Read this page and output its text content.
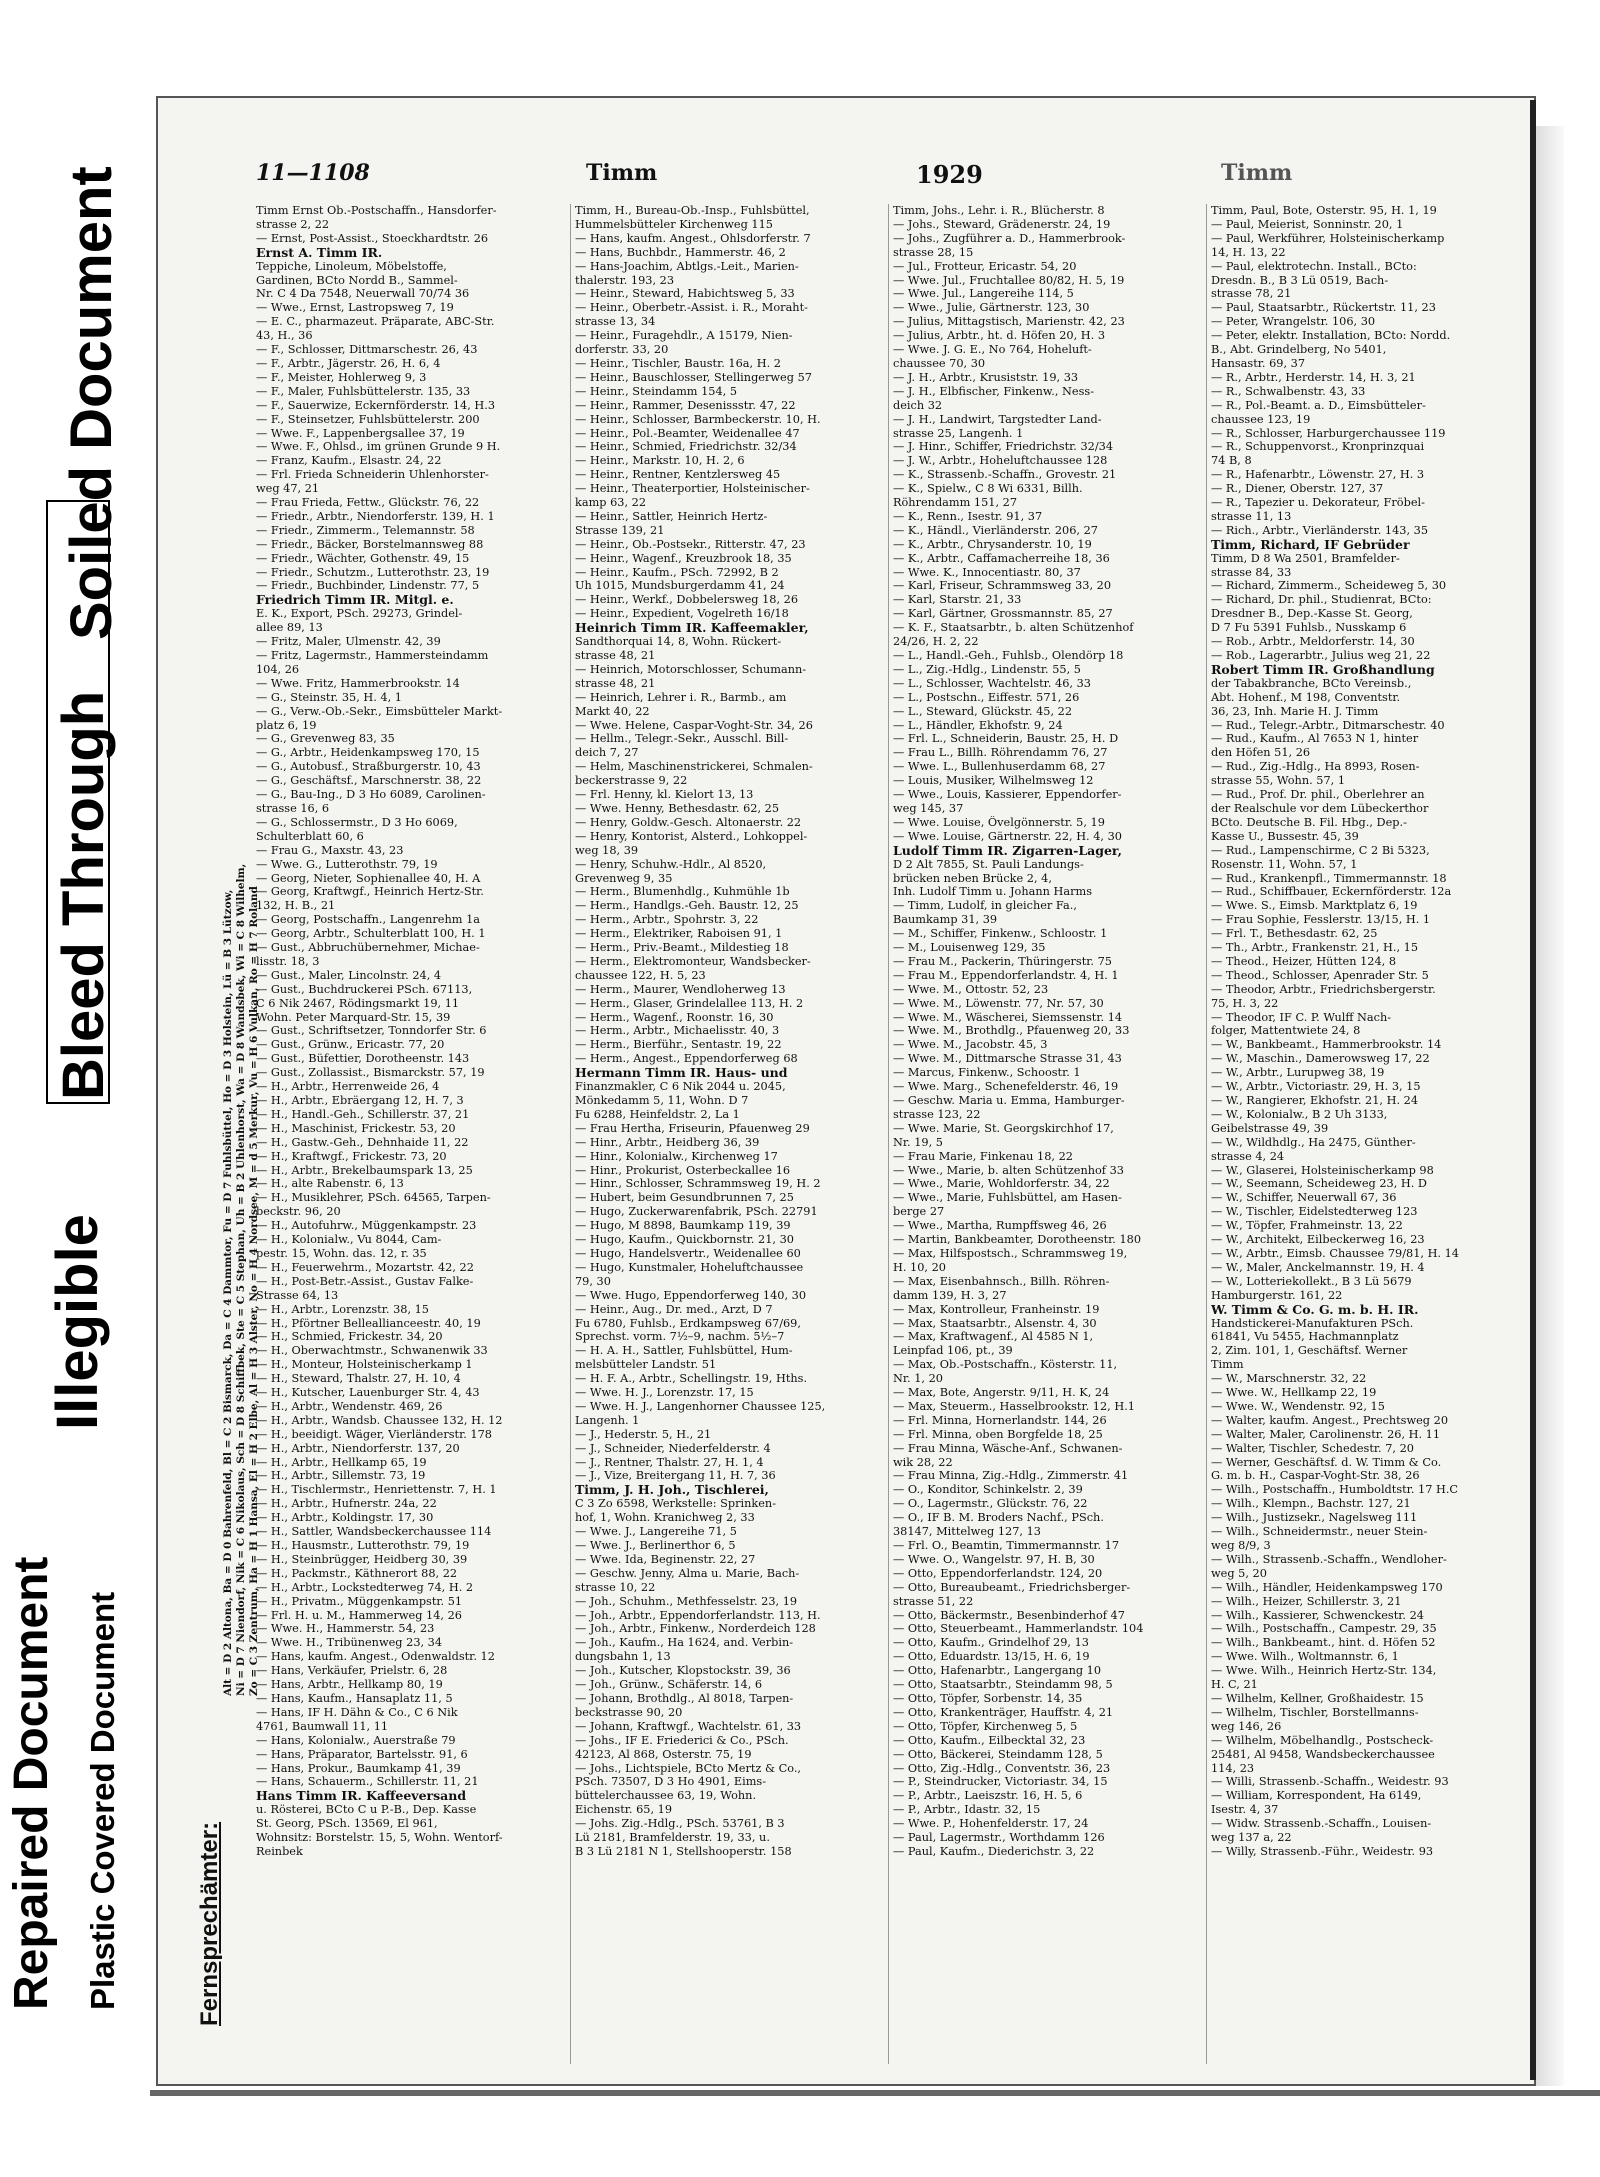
Repaired Document Plastic Covered Document
Illegible
Bleed Through
Soiled Document	11—1108	Timm	1929	Timm
Fernsprechämter:
Alt = D 2 Altona, Ba = D 0 Bahrenfeld, Bl = C 2 Bismarck, Da = C 4 Dammtor, Fu = D 7 Fuhlsbüttel, Ho = D 3 Holstein, Lü = B 3 Lützow, Ni = D 7 Niendorf, Nik = C 6 Nikolaus, Sch = D 8 Schiffbek, Ste = C 5 Stephan, Uh = B 2 Uhlenhorst, Wa = D 8 Wandsbek, Wi = C 8 Wilhelm, Zo = C 3 Zentrum, Ha = H 1 Hansa, El = H 2 Elbe, Al = H 3 Alster, No = H 4 Nordsee, M = d 5 Merkur, Vu = H 6 Vulkan, Ro = H 7 Roland
Timm Ernst Ob.-Postschaffn., Hansdorfer-
strasse 2, 22
— Ernst, Post-Assist., Stoeckhardtstr. 26
Ernst A. Timm IR.
Teppiche, Linoleum, Möbelstoffe,
Gardinen, BCto Nordd B., Sammel-
Nr. C 4 Da 7548, Neuerwall 70/74 36
— Wwe., Ernst, Lastropsweg 7, 19
— E. C., pharmazeut. Präparate, ABC-Str.
43, H., 36
— F., Schlosser, Dittmarschestr. 26, 43
— F., Arbtr., Jägerstr. 26, H. 6, 4
— F., Meister, Hohlerweg 9, 3
— F., Maler, Fuhlsbüttelerstr. 135, 33
— F., Sauerwize, Eckernförderstr. 14, H.3
— F., Steinsetzer, Fuhlsbüttelerstr. 200
— Wwe. F., Lappenbergsallee 37, 19
— Wwe. F., Ohlsd., im grünen Grunde 9 H.
— Franz, Kaufm., Elsastr. 24, 22
— Frl. Frieda Schneiderin Uhlenhorster-
weg 47, 21
— Frau Frieda, Fettw., Glückstr. 76, 22
— Friedr., Arbtr., Niendorferstr. 139, H. 1
— Friedr., Zimmerm., Telemannstr. 58
— Friedr., Bäcker, Borstelmannsweg 88
— Friedr., Wächter, Gothenstr. 49, 15
— Friedr., Schutzm., Lutterothstr. 23, 19
— Friedr., Buchbinder, Lindenstr. 77, 5
Friedrich Timm IR. Mitgl. e.
E. K., Export, PSch. 29273, Grindel-
allee 89, 13
— Fritz, Maler, Ulmenstr. 42, 39
— Fritz, Lagermstr., Hammersteindamm
104, 26
— Wwe. Fritz, Hammerbrookstr. 14
— G., Steinstr. 35, H. 4, 1
— G., Verw.-Ob.-Sekr., Eimsbütteler Markt-
platz 6, 19
— G., Grevenweg 83, 35
— G., Arbtr., Heidenkampsweg 170, 15
— G., Autobusf., Straßburgerstr. 10, 43
— G., Geschäftsf., Marschnerstr. 38, 22
— G., Bau-Ing., D 3 Ho 6089, Carolinen-
strasse 16, 6
— G., Schlossermstr., D 3 Ho 6069,
Schulterblatt 60, 6
— Frau G., Maxstr. 43, 23
— Wwe. G., Lutterothstr. 79, 19
— Georg, Nieter, Sophienallee 40, H. A
— Georg, Kraftwgf., Heinrich Hertz-Str.
132, H. B., 21
— Georg, Postschaffn., Langenrehm 1a
— Georg, Arbtr., Schulterblatt 100, H. 1
— Gust., Abbruchübernehmer, Michae-
lisstr. 18, 3
— Gust., Maler, Lincolnstr. 24, 4
— Gust., Buchdruckerei PSch. 67113,
C 6 Nik 2467, Rödingsmarkt 19, 11
Wohn. Peter Marquard-Str. 15, 39
— Gust., Schriftsetzer, Tonndorfer Str. 6
— Gust., Grünw., Ericastr. 77, 20
— Gust., Büfettier, Dorotheenstr. 143
— Gust., Zollassist., Bismarckstr. 57, 19
— H., Arbtr., Herrenweide 26, 4
— H., Arbtr., Ebräergang 12, H. 7, 3
— H., Handl.-Geh., Schillerstr. 37, 21
— H., Maschinist, Frickestr. 53, 20
— H., Gastw.-Geh., Dehnhaide 11, 22
— H., Kraftwgf., Frickestr. 73, 20
— H., Arbtr., Brekelbaumspark 13, 25
— H., alte Rabenstr. 6, 13
— H., Musiklehrer, PSch. 64565, Tarpen-
beckstr. 96, 20
— H., Autofuhrw., Müggenkampstr. 23
— H., Kolonialw., Vu 8044, Cam-
pestr. 15, Wohn. das. 12, r. 35
— H., Feuerwehrm., Mozartstr. 42, 22
— H., Post-Betr.-Assist., Gustav Falke-
Strasse 64, 13
— H., Arbtr., Lorenzstr. 38, 15
— H., Pförtner Belleallianceestr. 40, 19
— H., Schmied, Frickestr. 34, 20
— H., Oberwachtmstr., Schwanenwik 33
— H., Monteur, Holsteinischerkamp 1
— H., Steward, Thalstr. 27, H. 10, 4
— H., Kutscher, Lauenburger Str. 4, 43
— H., Arbtr., Wendenstr. 469, 26
— H., Arbtr., Wandsb. Chaussee 132, H. 12
— H., beeidigt. Wäger, Vierländerstr. 178
— H., Arbtr., Niendorferstr. 137, 20
— H., Arbtr., Hellkamp 65, 19
— H., Arbtr., Sillemstr. 73, 19
— H., Tischlermstr., Henriettenstr. 7, H. 1
— H., Arbtr., Hufnerstr. 24a, 22
— H., Arbtr., Koldingstr. 17, 30
— H., Sattler, Wandsbeckerchaussee 114
— H., Hausmstr., Lutterothstr. 79, 19
— H., Steinbrügger, Heidberg 30, 39
— H., Packmstr., Käthnerort 88, 22
— H., Arbtr., Lockstedterweg 74, H. 2
— H., Privatm., Müggenkampstr. 51
— Frl. H. u. M., Hammerweg 14, 26
— Wwe. H., Hammerstr. 54, 23
— Wwe. H., Tribünenweg 23, 34
— Hans, kaufm. Angest., Odenwaldstr. 12
— Hans, Verkäufer, Prielstr. 6, 28
— Hans, Arbtr., Hellkamp 80, 19
— Hans, Kaufm., Hansaplatz 11, 5
— Hans, IF H. Dähn & Co., C 6 Nik
4761, Baumwall 11, 11
— Hans, Kolonialw., Auerstraße 79
— Hans, Präparator, Bartelsstr. 91, 6
— Hans, Prokur., Baumkamp 41, 39
— Hans, Schauerm., Schillerstr. 11, 21
Hans Timm IR. Kaffeeversand
u. Rösterei, BCto C u P.-B., Dep. Kasse
St. Georg, PSch. 13569, El 961,
Wohnsitz: Borstelstr. 15, 5, Wohn. Wentorf-
Reinbek
Timm, H., Bureau-Ob.-Insp., Fuhlsbüttel,
Hummelsbütteler Kirchenweg 115
— Hans, kaufm. Angest., Ohlsdorferstr. 7
— Hans, Buchbdr., Hammerstr. 46, 2
— Hans-Joachim, Abtlgs.-Leit., Marien-
thalerstr. 193, 23
— Heinr., Steward, Habichtsweg 5, 33
— Heinr., Oberbetr.-Assist. i. R., Moraht-
strasse 13, 34
— Heinr., Furagehdlr., A 15179, Nien-
dorferstr. 33, 20
— Heinr., Tischler, Baustr. 16a, H. 2
— Heinr., Bauschlosser, Stellingerweg 57
— Heinr., Steindamm 154, 5
— Heinr., Rammer, Desenissstr. 47, 22
— Heinr., Schlosser, Barmbeckerstr. 10, H.
— Heinr., Pol.-Beamter, Weidenallee 47
— Heinr., Schmied, Friedrichstr. 32/34
— Heinr., Markstr. 10, H. 2, 6
— Heinr., Rentner, Kentzlersweg 45
— Heinr., Theaterportier, Holsteinischer-
kamp 63, 22
— Heinr., Sattler, Heinrich Hertz-
Strasse 139, 21
— Heinr., Ob.-Postsekr., Ritterstr. 47, 23
— Heinr., Wagenf., Kreuzbrook 18, 35
— Heinr., Kaufm., PSch. 72992, B 2
Uh 1015, Mundsburgerdamm 41, 24
— Heinr., Werkf., Dobbelersweg 18, 26
— Heinr., Expedient, Vogelreth 16/18
Heinrich Timm IR. Kaffeemakler,
Sandthorquai 14, 8, Wohn. Rückert-
strasse 48, 21
— Heinrich, Motorschlosser, Schumann-
strasse 48, 21
— Heinrich, Lehrer i. R., Barmb., am
Markt 40, 22
— Wwe. Helene, Caspar-Voght-Str. 34, 26
— Hellm., Telegr.-Sekr., Ausschl. Bill-
deich 7, 27
— Helm, Maschinenstrickerei, Schmalen-
beckerstrasse 9, 22
— Frl. Henny, kl. Kielort 13, 13
— Wwe. Henny, Bethesdastr. 62, 25
— Henry, Goldw.-Gesch. Altonaerstr. 22
— Henry, Kontorist, Alsterd., Lohkoppel-
weg 18, 39
— Henry, Schuhw.-Hdlr., Al 8520,
Grevenweg 9, 35
— Herm., Blumenhdlg., Kuhmühle 1b
— Herm., Handlgs.-Geh. Baustr. 12, 25
— Herm., Arbtr., Spohrstr. 3, 22
— Herm., Elektriker, Raboisen 91, 1
— Herm., Priv.-Beamt., Mildestieg 18
— Herm., Elektromonteur, Wandsbecker-
chaussee 122, H. 5, 23
— Herm., Maurer, Wendloherweg 13
— Herm., Glaser, Grindelallee 113, H. 2
— Herm., Wagenf., Roonstr. 16, 30
— Herm., Arbtr., Michaelisstr. 40, 3
— Herm., Bierführ., Sentastr. 19, 22
— Herm., Angest., Eppendorferweg 68
Hermann Timm IR. Haus- und
Finanzmakler, C 6 Nik 2044 u. 2045,
Mönkedamm 5, 11, Wohn. D 7
Fu 6288, Heinfeldstr. 2, La 1
— Frau Hertha, Friseurin, Pfauenweg 29
— Hinr., Arbtr., Heidberg 36, 39
— Hinr., Kolonialw., Kirchenweg 17
— Hinr., Prokurist, Osterbeckallee 16
— Hinr., Schlosser, Schrammsweg 19, H. 2
— Hubert, beim Gesundbrunnen 7, 25
— Hugo, Zuckerwarenfabrik, PSch. 22791
— Hugo, M 8898, Baumkamp 119, 39
— Hugo, Kaufm., Quickbornstr. 21, 30
— Hugo, Handelsvertr., Weidenallee 60
— Hugo, Kunstmaler, Hoheluftchaussee
79, 30
— Wwe. Hugo, Eppendorferweg 140, 30
— Heinr., Aug., Dr. med., Arzt, D 7
Fu 6780, Fuhlsb., Erdkampsweg 67/69,
Sprechst. vorm. 7½–9, nachm. 5½–7
— H. A. H., Sattler, Fuhlsbüttel, Hum-
melsbütteler Landstr. 51
— H. F. A., Arbtr., Schellingstr. 19, Hths.
— Wwe. H. J., Lorenzstr. 17, 15
— Wwe. H. J., Langenhorner Chaussee 125,
Langenh. 1
— J., Hederstr. 5, H., 21
— J., Schneider, Niederfelderstr. 4
— J., Rentner, Thalstr. 27, H. 1, 4
— J., Vize, Breitergang 11, H. 7, 36
Timm, J. H. Joh., Tischlerei,
C 3 Zo 6598, Werkstelle: Sprinken-
hof, 1, Wohn. Kranichweg 2, 33
— Wwe. J., Langereihe 71, 5
— Wwe. J., Berlinerthor 6, 5
— Wwe. Ida, Beginenstr. 22, 27
— Geschw. Jenny, Alma u. Marie, Bach-
strasse 10, 22
— Joh., Schuhm., Methfesselstr. 23, 19
— Joh., Arbtr., Eppendorferlandstr. 113, H.
— Joh., Arbtr., Finkenw., Norderdeich 128
— Joh., Kaufm., Ha 1624, and. Verbin-
dungsbahn 1, 13
— Joh., Kutscher, Klopstockstr. 39, 36
— Joh., Grünw., Schäferstr. 14, 6
— Johann, Brothdlg., Al 8018, Tarpen-
beckstrasse 90, 20
— Johann, Kraftwgf., Wachtelstr. 61, 33
— Johs., IF E. Friederici & Co., PSch.
42123, Al 868, Osterstr. 75, 19
— Johs., Lichtspiele, BCto Mertz & Co.,
PSch. 73507, D 3 Ho 4901, Eims-
büttelerchaussee 63, 19, Wohn.
Eichenstr. 65, 19
— Johs. Zig.-Hdlg., PSch. 53761, B 3
Lü 2181, Bramfelderstr. 19, 33, u.
B 3 Lü 2181 N 1, Stellshooperstr. 158
Timm, Johs., Lehr. i. R., Blücherstr. 8
— Johs., Steward, Grädenerstr. 24, 19
— Johs., Zugführer a. D., Hammerbrook-
strasse 28, 15
— Jul., Frotteur, Ericastr. 54, 20
— Wwe. Jul., Fruchtallee 80/82, H. 5, 19
— Wwe. Jul., Langereihe 114, 5
— Wwe., Julie, Gärtnerstr. 123, 30
— Julius, Mittagstisch, Marienstr. 42, 23
— Julius, Arbtr., ht. d. Höfen 20, H. 3
— Wwe. J. G. E., No 764, Hoheluft-
chaussee 70, 30
— J. H., Arbtr., Krusiststr. 19, 33
— J. H., Elbfischer, Finkenw., Ness-
deich 32
— J. H., Landwirt, Targstedter Land-
strasse 25, Langenh. 1
— J. Hinr., Schiffer, Friedrichstr. 32/34
— J. W., Arbtr., Hoheluftchaussee 128
— K., Strassenb.-Schaffn., Grovestr. 21
— K., Spielw., C 8 Wi 6331, Billh.
Röhrendamm 151, 27
— K., Renn., Isestr. 91, 37
— K., Händl., Vierländerstr. 206, 27
— K., Arbtr., Chrysanderstr. 10, 19
— K., Arbtr., Caffamacherreihe 18, 36
— Wwe. K., Innocentiastr. 80, 37
— Karl, Friseur, Schrammsweg 33, 20
— Karl, Starstr. 21, 33
— Karl, Gärtner, Grossmannstr. 85, 27
— K. F., Staatsarbtr., b. alten Schützenhof
24/26, H. 2, 22
— L., Handl.-Geh., Fuhlsb., Olendörp 18
— L., Zig.-Hdlg., Lindenstr. 55, 5
— L., Schlosser, Wachtelstr. 46, 33
— L., Postschn., Eiffestr. 571, 26
— L., Steward, Glückstr. 45, 22
— L., Händler, Ekhofstr. 9, 24
— Frl. L., Schneiderin, Baustr. 25, H. D
— Frau L., Billh. Röhrendamm 76, 27
— Wwe. L., Bullenhuserdamm 68, 27
— Louis, Musiker, Wilhelmsweg 12
— Wwe., Louis, Kassierer, Eppendorfer-
weg 145, 37
— Wwe. Louise, Övelgönnerstr. 5, 19
— Wwe. Louise, Gärtnerstr. 22, H. 4, 30
Ludolf Timm IR. Zigarren-Lager,
D 2 Alt 7855, St. Pauli Landungs-
brücken neben Brücke 2, 4,
Inh. Ludolf Timm u. Johann Harms
— Timm, Ludolf, in gleicher Fa.,
Baumkamp 31, 39
— M., Schiffer, Finkenw., Schloostr. 1
— M., Louisenweg 129, 35
— Frau M., Packerin, Thüringerstr. 75
— Frau M., Eppendorferlandstr. 4, H. 1
— Wwe. M., Ottostr. 52, 23
— Wwe. M., Löwenstr. 77, Nr. 57, 30
— Wwe. M., Wäscherei, Siemssenstr. 14
— Wwe. M., Brothdlg., Pfauenweg 20, 33
— Wwe. M., Jacobstr. 45, 3
— Wwe. M., Dittmarsche Strasse 31, 43
— Marcus, Finkenw., Schoostr. 1
— Wwe. Marg., Schenefelderstr. 46, 19
— Geschw. Maria u. Emma, Hamburger-
strasse 123, 22
— Wwe. Marie, St. Georgskirchhof 17,
Nr. 19, 5
— Frau Marie, Finkenau 18, 22
— Wwe., Marie, b. alten Schützenhof 33
— Wwe., Marie, Wohldorferstr. 34, 22
— Wwe., Marie, Fuhlsbüttel, am Hasen-
berge 27
— Wwe., Martha, Rumpffsweg 46, 26
— Martin, Bankbeamter, Dorotheenstr. 180
— Max, Hilfspostsch., Schrammsweg 19,
H. 10, 20
— Max, Eisenbahnsch., Billh. Röhren-
damm 139, H. 3, 27
— Max, Kontrolleur, Franheinstr. 19
— Max, Staatsarbtr., Alsenstr. 4, 30
— Max, Kraftwagenf., Al 4585 N 1,
Leinpfad 106, pt., 39
— Max, Ob.-Postschaffn., Kösterstr. 11,
Nr. 1, 20
— Max, Bote, Angerstr. 9/11, H. K, 24
— Max, Steuerm., Hasselbrookstr. 12, H.1
— Frl. Minna, Hornerlandstr. 144, 26
— Frl. Minna, oben Borgfelde 18, 25
— Frau Minna, Wäsche-Anf., Schwanen-
wik 28, 22
— Frau Minna, Zig.-Hdlg., Zimmerstr. 41
— O., Konditor, Schinkelstr. 2, 39
— O., Lagermstr., Glückstr. 76, 22
— O., IF B. M. Broders Nachf., PSch.
38147, Mittelweg 127, 13
— Frl. O., Beamtin, Timmermannstr. 17
— Wwe. O., Wangelstr. 97, H. B, 30
— Otto, Eppendorferlandstr. 124, 20
— Otto, Bureaubeamt., Friedrichsberger-
strasse 51, 22
— Otto, Bäckermstr., Besenbinderhof 47
— Otto, Steuerbeamt., Hammerlandstr. 104
— Otto, Kaufm., Grindelhof 29, 13
— Otto, Eduardstr. 13/15, H. 6, 19
— Otto, Hafenarbtr., Langergang 10
— Otto, Staatsarbtr., Steindamm 98, 5
— Otto, Töpfer, Sorbenstr. 14, 35
— Otto, Krankenträger, Hauffstr. 4, 21
— Otto, Töpfer, Kirchenweg 5, 5
— Otto, Kaufm., Eilbecktal 32, 23
— Otto, Bäckerei, Steindamm 128, 5
— Otto, Zig.-Hdlg., Conventstr. 36, 23
— P., Steindrucker, Victoriastr. 34, 15
— P., Arbtr., Laeiszstr. 16, H. 5, 6
— P., Arbtr., Idastr. 32, 15
— Wwe. P., Hohenfelderstr. 17, 24
— Paul, Lagermstr., Worthdamm 126
— Paul, Kaufm., Diederichstr. 3, 22
Timm, Paul, Bote, Osterstr. 95, H. 1, 19
— Paul, Meierist, Sonninstr. 20, 1
— Paul, Werkführer, Holsteinischerkamp
14, H. 13, 22
— Paul, elektrotechn. Install., BCto:
Dresdn. B., B 3 Lü 0519, Bach-
strasse 78, 21
— Paul, Staatsarbtr., Rückertstr. 11, 23
— Peter, Wrangelstr. 106, 30
— Peter, elektr. Installation, BCto: Nordd.
B., Abt. Grindelberg, No 5401,
Hansastr. 69, 37
— R., Arbtr., Herderstr. 14, H. 3, 21
— R., Schwalbenstr. 43, 33
— R., Pol.-Beamt. a. D., Eimsbütteler-
chaussee 123, 19
— R., Schlosser, Harburgerchaussee 119
— R., Schuppenvorst., Kronprinzquai
74 B, 8
— R., Hafenarbtr., Löwenstr. 27, H. 3
— R., Diener, Oberstr. 127, 37
— R., Tapezier u. Dekorateur, Fröbel-
strasse 11, 13
— Rich., Arbtr., Vierländerstr. 143, 35
Timm, Richard, IF Gebrüder
Timm, D 8 Wa 2501, Bramfelder-
strasse 84, 33
— Richard, Zimmerm., Scheideweg 5, 30
— Richard, Dr. phil., Studienrat, BCto:
Dresdner B., Dep.-Kasse St. Georg,
D 7 Fu 5391 Fuhlsb., Nusskamp 6
— Rob., Arbtr., Meldorferstr. 14, 30
— Rob., Lagerarbtr., Julius weg 21, 22
Robert Timm IR. Großhandlung
der Tabakbranche, BCto Vereinsb.,
Abt. Hohenf., M 198, Conventstr.
36, 23, Inh. Marie H. J. Timm
— Rud., Telegr.-Arbtr., Ditmarschestr. 40
— Rud., Kaufm., Al 7653 N 1, hinter
den Höfen 51, 26
— Rud., Zig.-Hdlg., Ha 8993, Rosen-
strasse 55, Wohn. 57, 1
— Rud., Prof. Dr. phil., Oberlehrer an
der Realschule vor dem Lübeckerthor
BCto. Deutsche B. Fil. Hbg., Dep.-
Kasse U., Bussestr. 45, 39
— Rud., Lampenschirme, C 2 Bi 5323,
Rosenstr. 11, Wohn. 57, 1
— Rud., Krankenpfl., Timmermannstr. 18
— Rud., Schiffbauer, Eckernförderstr. 12a
— Wwe. S., Eimsb. Marktplatz 6, 19
— Frau Sophie, Fesslerstr. 13/15, H. 1
— Frl. T., Bethesdastr. 62, 25
— Th., Arbtr., Frankenstr. 21, H., 15
— Theod., Heizer, Hütten 124, 8
— Theod., Schlosser, Apenrader Str. 5
— Theodor, Arbtr., Friedrichsbergerstr.
75, H. 3, 22
— Theodor, IF C. P. Wulff Nach-
folger, Mattentwiete 24, 8
— W., Bankbeamt., Hammerbrookstr. 14
— W., Maschin., Damerowsweg 17, 22
— W., Arbtr., Lurupweg 38, 19
— W., Arbtr., Victoriastr. 29, H. 3, 15
— W., Rangierer, Ekhofstr. 21, H. 24
— W., Kolonialw., B 2 Uh 3133,
Geibelstrasse 49, 39
— W., Wildhdlg., Ha 2475, Günther-
strasse 4, 24
— W., Glaserei, Holsteinischerkamp 98
— W., Seemann, Scheideweg 23, H. D
— W., Schiffer, Neuerwall 67, 36
— W., Tischler, Eidelstedterweg 123
— W., Töpfer, Frahmeinstr. 13, 22
— W., Architekt, Eilbeckerweg 16, 23
— W., Arbtr., Eimsb. Chaussee 79/81, H. 14
— W., Maler, Anckelmannstr. 19, H. 4
— W., Lotteriekollekt., B 3 Lü 5679
Hamburgerstr. 161, 22
W. Timm & Co. G. m. b. H. IR.
Handstickerei-Manufakturen PSch.
61841, Vu 5455, Hachmannplatz
2, Zim. 101, 1, Geschäftsf. Werner
Timm
— W., Marschnerstr. 32, 22
— Wwe. W., Hellkamp 22, 19
— Wwe. W., Wendenstr. 92, 15
— Walter, kaufm. Angest., Prechtsweg 20
— Walter, Maler, Carolinenstr. 26, H. 11
— Walter, Tischler, Schedestr. 7, 20
— Werner, Geschäftsf. d. W. Timm & Co.
G. m. b. H., Caspar-Voght-Str. 38, 26
— Wilh., Postschaffn., Humboldtstr. 17 H.C
— Wilh., Klempn., Bachstr. 127, 21
— Wilh., Justizsekr., Nagelsweg 111
— Wilh., Schneidermstr., neuer Stein-
weg 8/9, 3
— Wilh., Strassenb.-Schaffn., Wendloher-
weg 5, 20
— Wilh., Händler, Heidenkampsweg 170
— Wilh., Heizer, Schillerstr. 3, 21
— Wilh., Kassierer, Schwenckestr. 24
— Wilh., Postschaffn., Campestr. 29, 35
— Wilh., Bankbeamt., hint. d. Höfen 52
— Wwe. Wilh., Woltmannstr. 6, 1
— Wwe. Wilh., Heinrich Hertz-Str. 134,
H. C, 21
— Wilhelm, Kellner, Großhaidestr. 15
— Wilhelm, Tischler, Borstellmanns-
weg 146, 26
— Wilhelm, Möbelhandlg., Postscheck-
25481, Al 9458, Wandsbeckerchaussee
114, 23
— Willi, Strassenb.-Schaffn., Weidestr. 93
— William, Korrespondent, Ha 6149,
Isestr. 4, 37
— Widw. Strassenb.-Schaffn., Louisen-
weg 137 a, 22
— Willy, Strassenb.-Führ., Weidestr. 93
